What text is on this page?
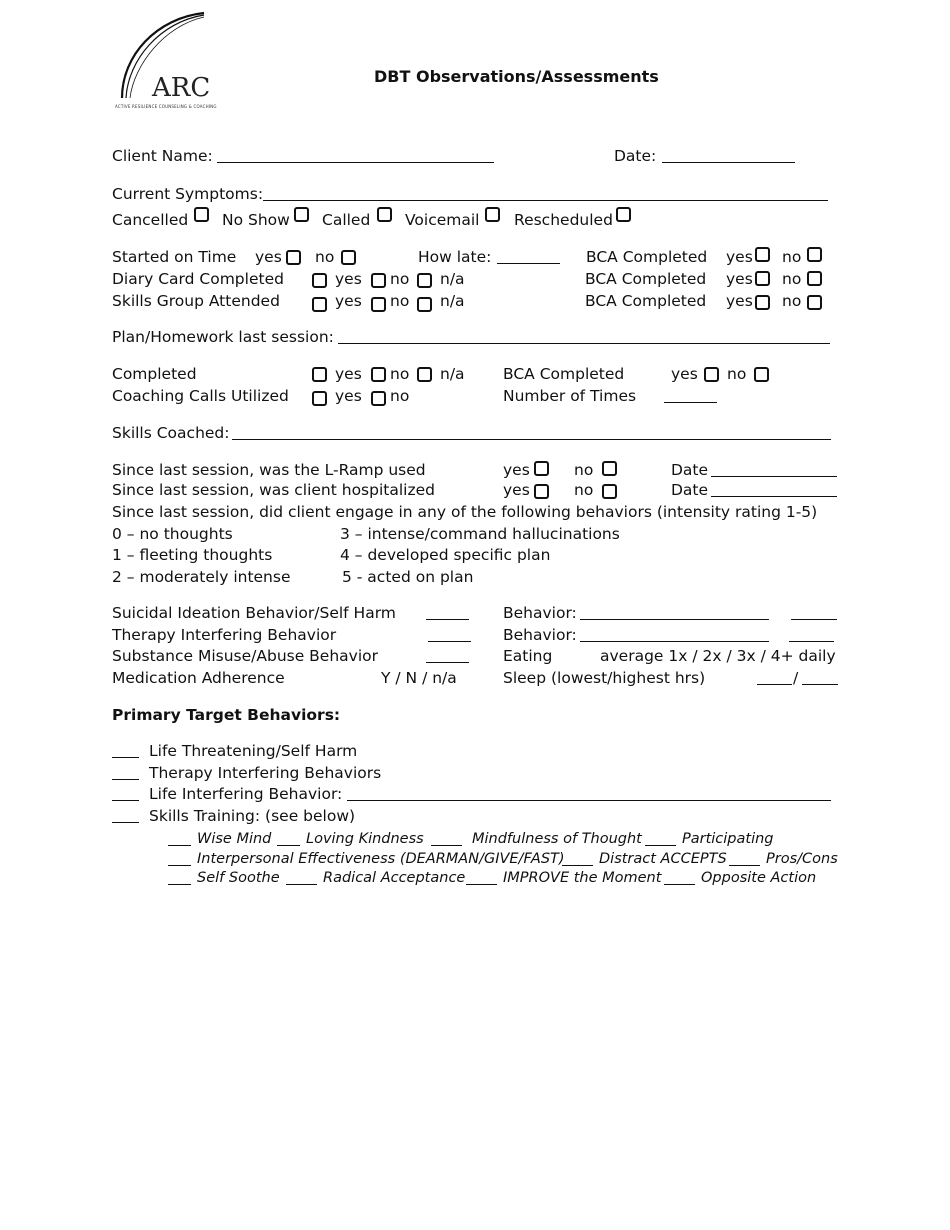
ARC
ACTIVE RESILIENCE COUNSELING & COACHING
DBT Observations/Assessments
Client Name:	Date:
Current Symptoms:
Cancelled No Show Called Voicemail Rescheduled
Started on Time yes no	How late:	BCA Completed yes no
Diary Card Completed	yes no n/a	BCA Completed yes no
Skills Group Attended	yes no n/a	BCA Completed yes no
Plan/Homework last session:
Completed	yes no n/a BCA Completed	yes no
Coaching Calls Utilized	yes no	Number of Times
Skills Coached:
Since last session, was the L-Ramp used	yes	no	Date
Since last session, was client hospitalized	yes	no	Date
Since last session, did client engage in any of the following behaviors (intensity rating 1-5)
0 – no thoughts
1 – fleeting thoughts
2 – moderately intense
3 – intense/command hallucinations
4 – developed specific plan
5 - acted on plan
Suicidal Ideation Behavior/Self Harm	Behavior:
Therapy Interfering Behavior	Behavior:
Substance Misuse/Abuse Behavior	Eating	average 1x / 2x / 3x / 4+ daily
Medication Adherence	Y / N / n/a	Sleep (lowest/highest hrs)	/
Primary Target Behaviors:
Life Threatening/Self Harm
Therapy Interfering Behaviors
Life Interfering Behavior:
Skills Training: (see below)
Wise Mind Loving Kindness	Mindfulness of Thought	Participating
Interpersonal Effectiveness (DEARMAN/GIVE/FAST) Distract ACCEPTS	Pros/Cons
Self Soothe	Radical Acceptance	IMPROVE the Moment	Opposite Action
